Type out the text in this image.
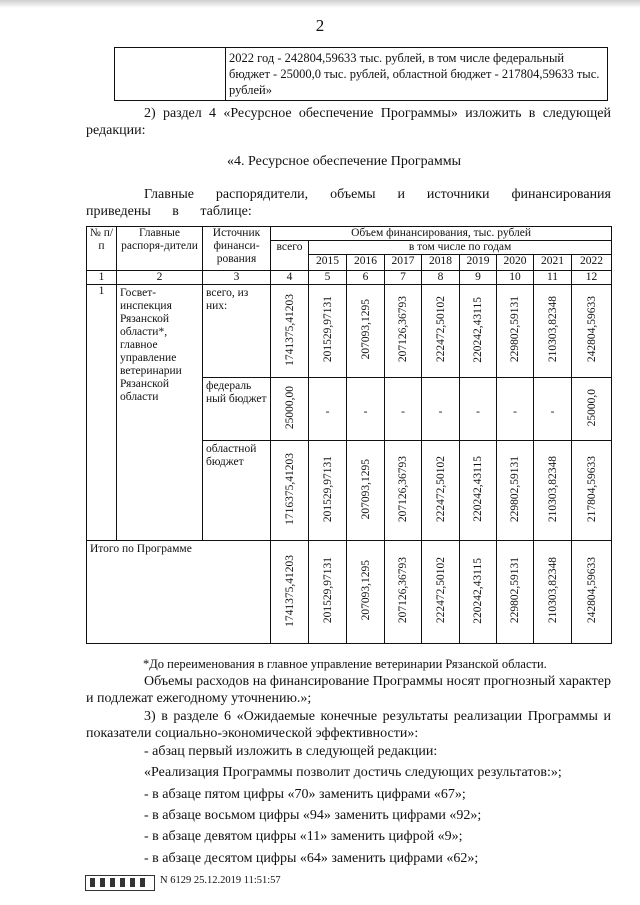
2
2022 год - 242804,59633 тыс. рублей, в том числе федеральный бюджет - 25000,0 тыс. рублей, областной бюджет - 217804,59633 тыс. рублей»
2) раздел 4 «Ресурсное обеспечение Программы» изложить в следующей редакции:
«4. Ресурсное обеспечение Программы
Главные распорядители, объемы и источники финансирования приведены в таблице:
№ п/п	Главные распоря-дители	Источник финанси-рования	Объем финансирования, тыс. рублей								
			всего	в том числе по годам							
				2015	2016	2017	2018	2019	2020	2021	2022
1	2	3	4	5	6	7	8	9	10	11	12
1	Госвет-инспекция Рязанской области*, главное управление ветеринарии Рязанской области	всего, из них:	1741375,41203	201529,97131	207093,1295	207126,36793	222472,50102	220242,43115	229802,59131	210303,82348	242804,59633
		федераль ный бюджет	25000,00	-	-	-	-	-	-	-	25000,0
		областной бюджет	1716375,41203	201529,97131	207093,1295	207126,36793	222472,50102	220242,43115	229802,59131	210303,82348	217804,59633
Итого по Программе			1741375,41203	201529,97131	207093,1295	207126,36793	222472,50102	220242,43115	229802,59131	210303,82348	242804,59633
*До переименования в главное управление ветеринарии Рязанской области.
Объемы расходов на финансирование Программы носят прогнозный характер и подлежат ежегодному уточнению.»;
3) в разделе 6 «Ожидаемые конечные результаты реализации Программы и показатели социально-экономической эффективности»:
- абзац первый изложить в следующей редакции:
«Реализация Программы позволит достичь следующих результатов:»;
- в абзаце пятом цифры «70» заменить цифрами «67»;
- в абзаце восьмом цифры «94» заменить цифрами «92»;
- в абзаце девятом цифры «11» заменить цифрой «9»;
- в абзаце десятом цифры «64» заменить цифрами «62»;
N 6129 25.12.2019 11:51:57
